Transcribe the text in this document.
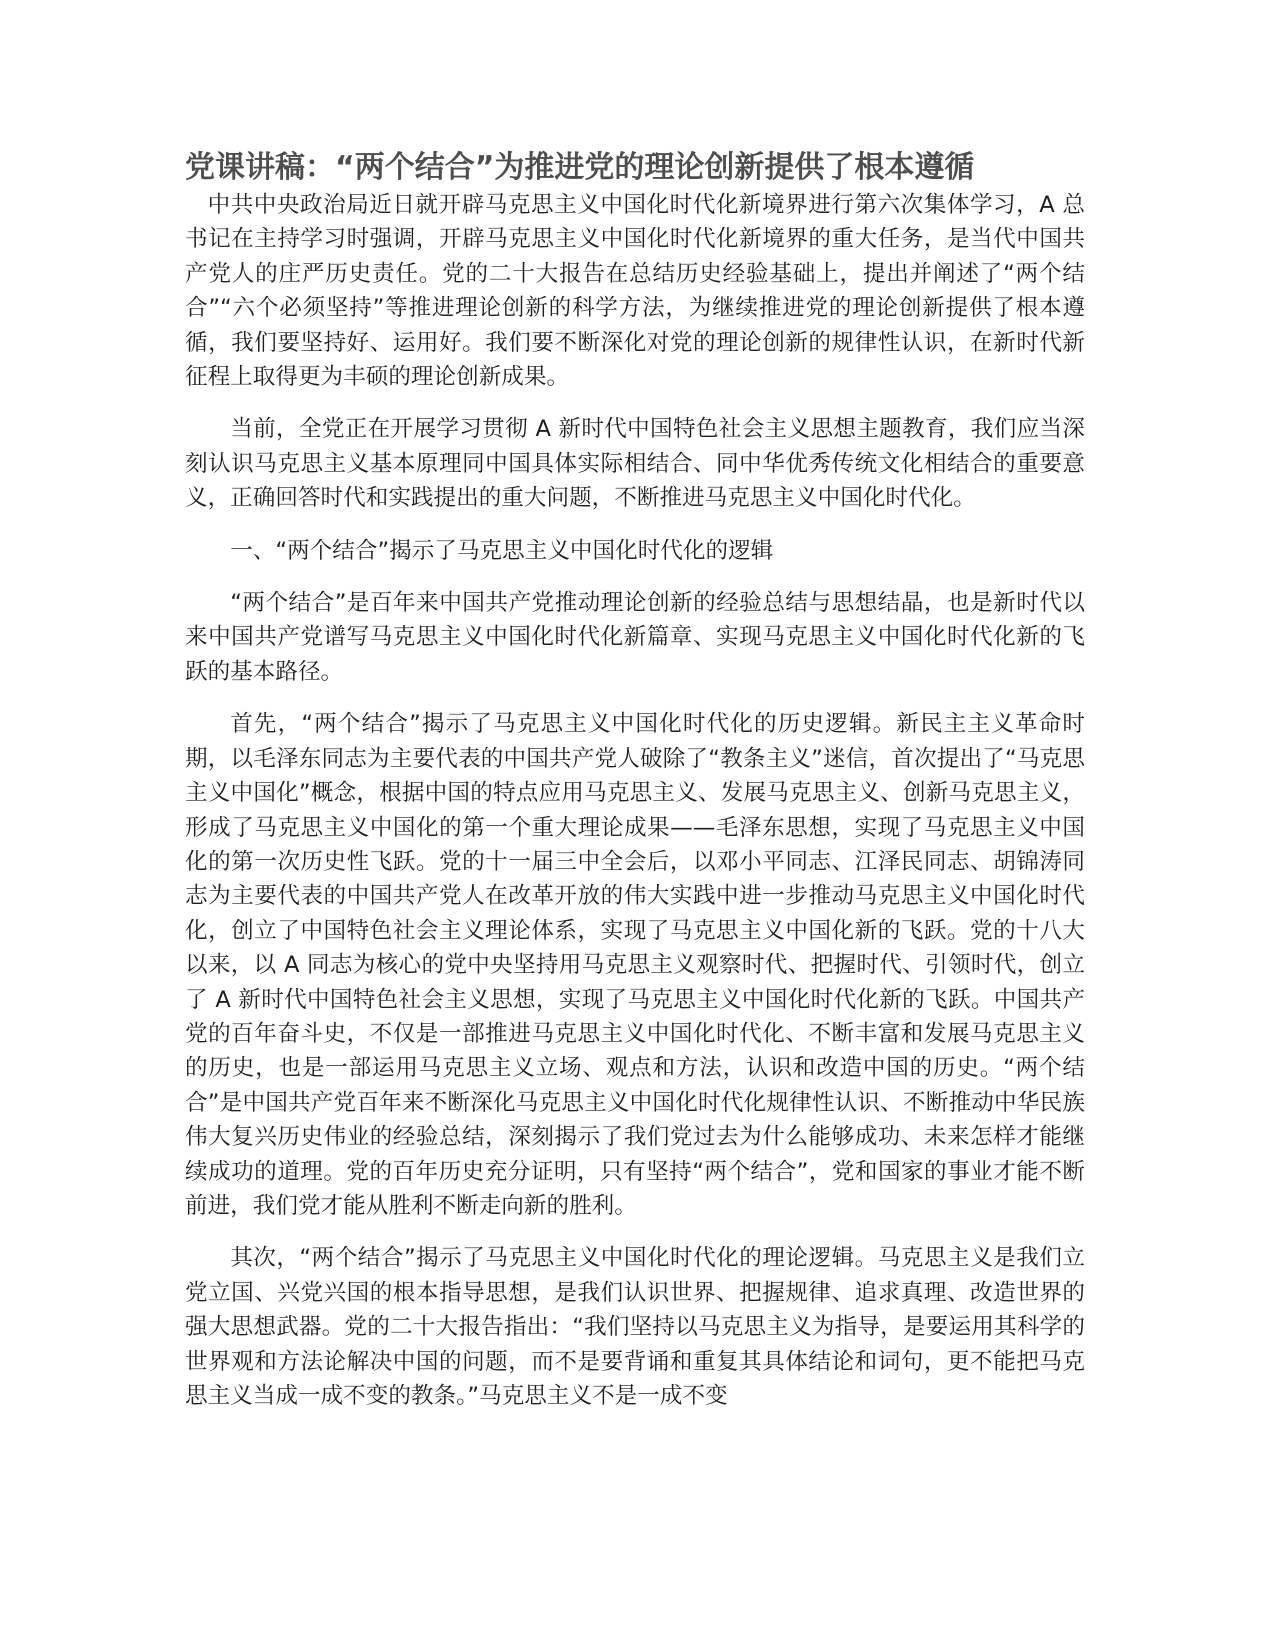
党课讲稿：“两个结合”为推进党的理论创新提供了根本遵循

中共中央政治局近日就开辟马克思主义中国化时代化新境界进行第六次集体学习，A 总书记在主持学习时强调，开辟马克思主义中国化时代化新境界的重大任务，是当代中国共产党人的庄严历史责任。党的二十大报告在总结历史经验基础上，提出并阐述了“两个结合”“六个必须坚持”等推进理论创新的科学方法，为继续推进党的理论创新提供了根本遵循，我们要坚持好、运用好。我们要不断深化对党的理论创新的规律性认识，在新时代新征程上取得更为丰硕的理论创新成果。

当前，全党正在开展学习贯彻 A 新时代中国特色社会主义思想主题教育，我们应当深刻认识马克思主义基本原理同中国具体实际相结合、同中华优秀传统文化相结合的重要意义，正确回答时代和实践提出的重大问题，不断推进马克思主义中国化时代化。

一、“两个结合”揭示了马克思主义中国化时代化的逻辑

“两个结合”是百年来中国共产党推动理论创新的经验总结与思想结晶，也是新时代以来中国共产党谱写马克思主义中国化时代化新篇章、实现马克思主义中国化时代化新的飞跃的基本路径。

首先，“两个结合”揭示了马克思主义中国化时代化的历史逻辑。新民主主义革命时期，以毛泽东同志为主要代表的中国共产党人破除了“教条主义”迷信，首次提出了“马克思主义中国化”概念，根据中国的特点应用马克思主义、发展马克思主义、创新马克思主义，形成了马克思主义中国化的第一个重大理论成果——毛泽东思想，实现了马克思主义中国化的第一次历史性飞跃。党的十一届三中全会后，以邓小平同志、江泽民同志、胡锦涛同志为主要代表的中国共产党人在改革开放的伟大实践中进一步推动马克思主义中国化时代化，创立了中国特色社会主义理论体系，实现了马克思主义中国化新的飞跃。党的十八大以来，以 A 同志为核心的党中央坚持用马克思主义观察时代、把握时代、引领时代，创立了 A 新时代中国特色社会主义思想，实现了马克思主义中国化时代化新的飞跃。中国共产党的百年奋斗史，不仅是一部推进马克思主义中国化时代化、不断丰富和发展马克思主义的历史，也是一部运用马克思主义立场、观点和方法，认识和改造中国的历史。“两个结合”是中国共产党百年来不断深化马克思主义中国化时代化规律性认识、不断推动中华民族伟大复兴历史伟业的经验总结，深刻揭示了我们党过去为什么能够成功、未来怎样才能继续成功的道理。党的百年历史充分证明，只有坚持“两个结合”，党和国家的事业才能不断前进，我们党才能从胜利不断走向新的胜利。

其次，“两个结合”揭示了马克思主义中国化时代化的理论逻辑。马克思主义是我们立党立国、兴党兴国的根本指导思想，是我们认识世界、把握规律、追求真理、改造世界的强大思想武器。党的二十大报告指出：“我们坚持以马克思主义为指导，是要运用其科学的世界观和方法论解决中国的问题，而不是要背诵和重复其具体结论和词句，更不能把马克思主义当成一成不变的教条。”马克思主义不是一成不变
